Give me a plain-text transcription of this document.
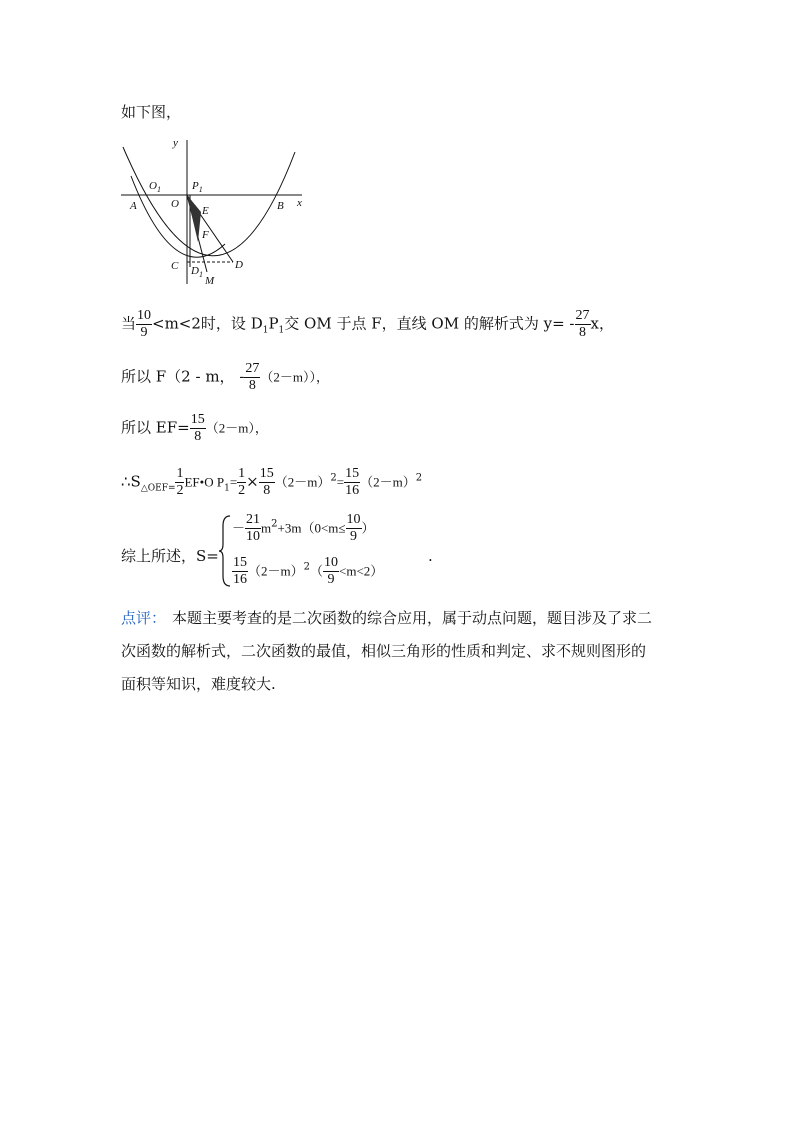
如下图，
y
x
$O_1$	$P_1$
A	O
E	B
F
C $D_1$
D
M
当 $\frac{10}{9} <m<2$时，设 $D_1P_1$交 OM 于点 F，直线 OM 的解析式为 $y= - \frac{27}{8}$ x，
所以 F（2 - m， - $\frac{27}{8} (2-m)$），
所以 $EF= \frac{15}{8} (2-m)$，
$\therefore S_{\triangle OEF=} \frac{1}{2}$ EF•O $P_1= \frac{1}{2} \times \frac{15}{8} (2-m)^2= \frac{15}{16} (2-m)^2$
综上所述，S=
－ $\frac{21}{10} m^2+3m(0<m\le \frac{10}{9}$ ）
$\frac{15}{16} (2-m)^2( \frac{10}{9} <m<2)$
.
点评： 本题主要考查的是二次函数的综合应用，属于动点问题，题目涉及了求二
次函数的解析式，二次函数的最值，相似三角形的性质和判定、求不规则图形的
面积等知识，难度较大.
